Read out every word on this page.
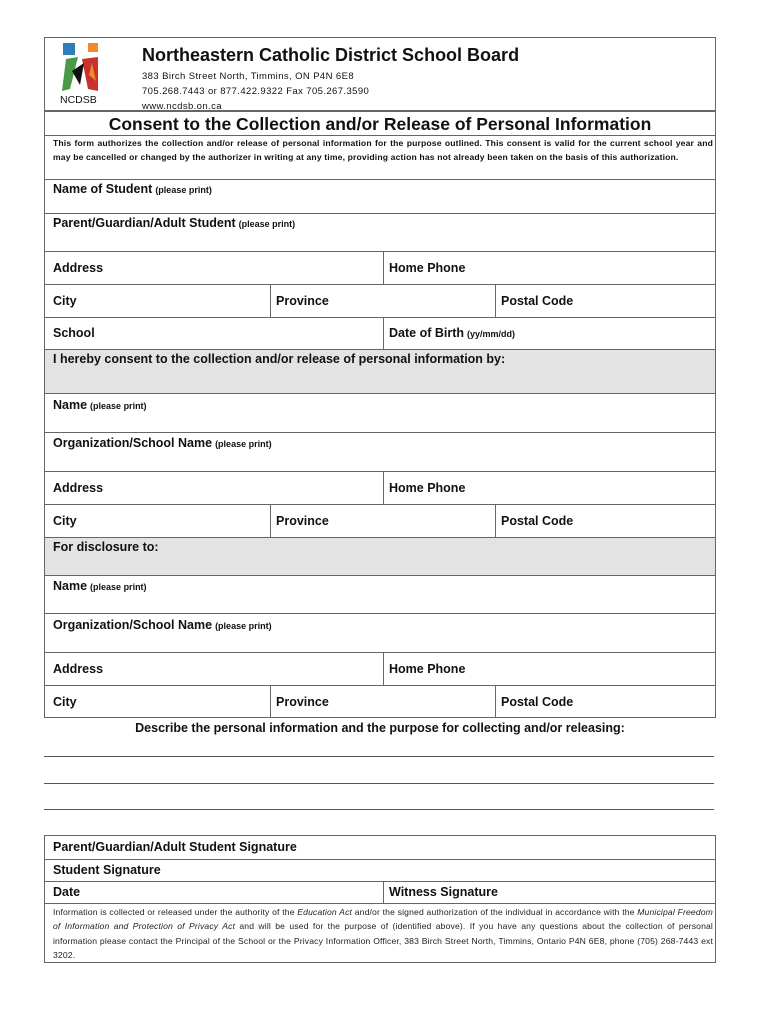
NCDSB
Northeastern Catholic District School Board
383 Birch Street North, Timmins, ON P4N 6E8
705.268.7443 or 877.422.9322 Fax 705.267.3590
www.ncdsb.on.ca
Consent to the Collection and/or Release of Personal Information
This form authorizes the collection and/or release of personal information for the purpose outlined. This consent is valid for the current school year and may be cancelled or changed by the authorizer in writing at any time, providing action has not already been taken on the basis of this authorization.
Name of Student (please print)
Parent/Guardian/Adult Student (please print)
Address	Home Phone
City	Province	Postal Code
School	Date of Birth (yy/mm/dd)
I hereby consent to the collection and/or release of personal information by:
Name (please print)
Organization/School Name (please print)
Address	Home Phone
City	Province	Postal Code
For disclosure to:
Name (please print)
Organization/School Name (please print)
Address	Home Phone
City	Province	Postal Code
Describe the personal information and the purpose for collecting and/or releasing:
Parent/Guardian/Adult Student Signature
Student Signature
Date	Witness Signature
Information is collected or released under the authority of the Education Act and/or the signed authorization of the individual in accordance with the Municipal Freedom of Information and Protection of Privacy Act and will be used for the purpose of (identified above). If you have any questions about the collection of personal information please contact the Principal of the School or the Privacy Information Officer, 383 Birch Street North, Timmins, Ontario P4N 6E8, phone (705) 268-7443 ext 3202.
